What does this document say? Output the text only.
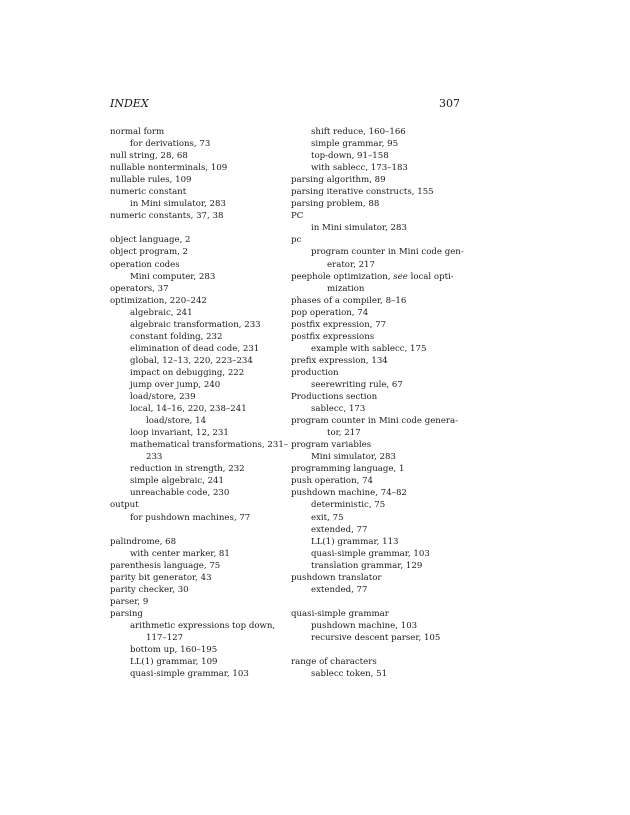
INDEX	307
normal form
for derivations, 73
null string, 28, 68
nullable nonterminals, 109
nullable rules, 109
numeric constant
in Mini simulator, 283
numeric constants, 37, 38
object language, 2
object program, 2
operation codes
Mini computer, 283
operators, 37
optimization, 220–242
algebraic, 241
algebraic transformation, 233
constant folding, 232
elimination of dead code, 231
global, 12–13, 220, 223–234
impact on debugging, 222
jump over jump, 240
load/store, 239
local, 14–16, 220, 238–241
load/store, 14
loop invariant, 12, 231
mathematical transformations, 231–
233
reduction in strength, 232
simple algebraic, 241
unreachable code, 230
output
for pushdown machines, 77
palindrome, 68
with center marker, 81
parenthesis language, 75
parity bit generator, 43
parity checker, 30
parser, 9
parsing
arithmetic expressions top down,
117–127
bottom up, 160–195
LL(1) grammar, 109
quasi-simple grammar, 103
shift reduce, 160–166
simple grammar, 95
top-down, 91–158
with sablecc, 173–183
parsing algorithm, 89
parsing iterative constructs, 155
parsing problem, 88
PC
in Mini simulator, 283
pc
program counter in Mini code gen-
erator, 217
peephole optimization, see local opti-
mization
phases of a compiler, 8–16
pop operation, 74
postfix expression, 77
postfix expressions
example with sablecc, 175
prefix expression, 134
production
seerewriting rule, 67
Productions section
sablecc, 173
program counter in Mini code genera-
tor, 217
program variables
Mini simulator, 283
programming language, 1
push operation, 74
pushdown machine, 74–82
deterministic, 75
exit, 75
extended, 77
LL(1) grammar, 113
quasi-simple grammar, 103
translation grammar, 129
pushdown translator
extended, 77
quasi-simple grammar
pushdown machine, 103
recursive descent parser, 105
range of characters
sablecc token, 51
